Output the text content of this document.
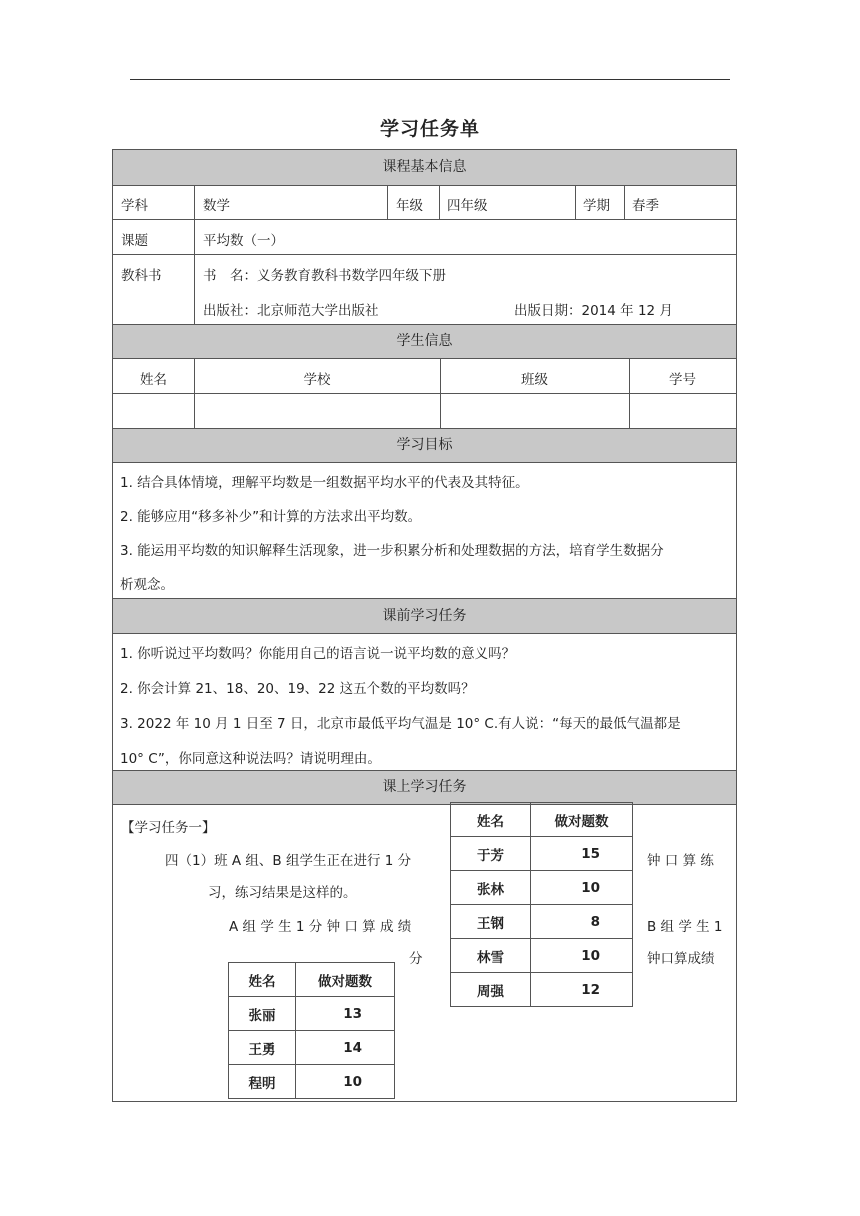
学习任务单
课程基本信息
学科	数学	年级 四年级	学期 春季
课题	平均数（一）
教科书	书　名：义务教育教科书数学四年级下册
出版社：北京师范大学出版社	出版日期：2014 年 12 月
学生信息
姓名	学校	班级	学号
学习目标
1. 结合具体情境，理解平均数是一组数据平均水平的代表及其特征。
2. 能够应用“移多补少”和计算的方法求出平均数。
3. 能运用平均数的知识解释生活现象，进一步积累分析和处理数据的方法，培育学生数据分
析观念。
课前学习任务
1. 你听说过平均数吗？你能用自己的语言说一说平均数的意义吗？
2. 你会计算 21、18、20、19、22 这五个数的平均数吗？
3. 2022 年 10 月 1 日至 7 日，北京市最低平均气温是 10° C.有人说：“每天的最低气温都是
10° C”，你同意这种说法吗？请说明理由。
课上学习任务
【学习任务一】
四（1）班 A 组、B 组学生正在进行 1 分
习，练习结果是这样的。
A 组 学 生 1 分 钟 口 算 成 绩
分
钟 口 算 练
B 组 学 生 1
钟口算成绩
姓名	做对题数
张丽	13
王勇	14
程明	10
姓名	做对题数
于芳	15
张林	10
王钢	8
林雪	10
周强	12
